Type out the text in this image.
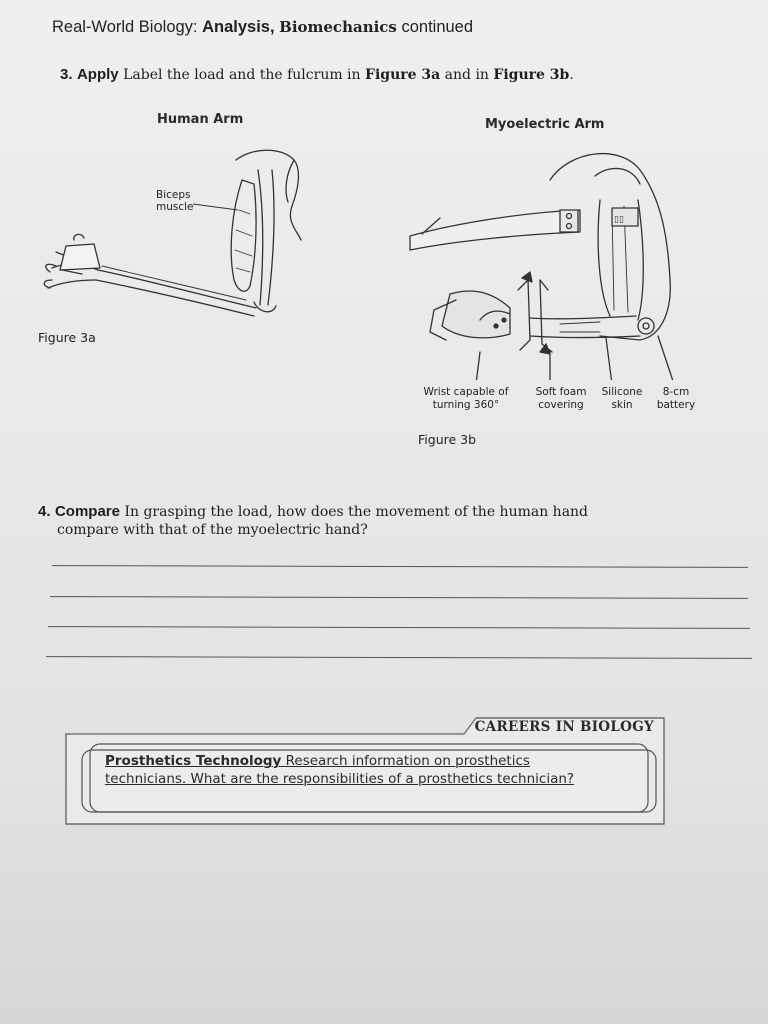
Real-World Biology: Analysis, Biomechanics continued
3. Apply Label the load and the fulcrum in Figure 3a and in Figure 3b.
Human Arm
Biceps
muscle
Figure 3a
Myoelectric Arm
▯▯
Wrist capable of
turning 360°
Soft foam
covering
Silicone
skin
8-cm
battery
Figure 3b
4. Compare In grasping the load, how does the movement of the human hand
compare with that of the myoelectric hand?
CAREERS IN BIOLOGY
Prosthetics Technology Research information on prosthetics
technicians. What are the responsibilities of a prosthetics technician?
